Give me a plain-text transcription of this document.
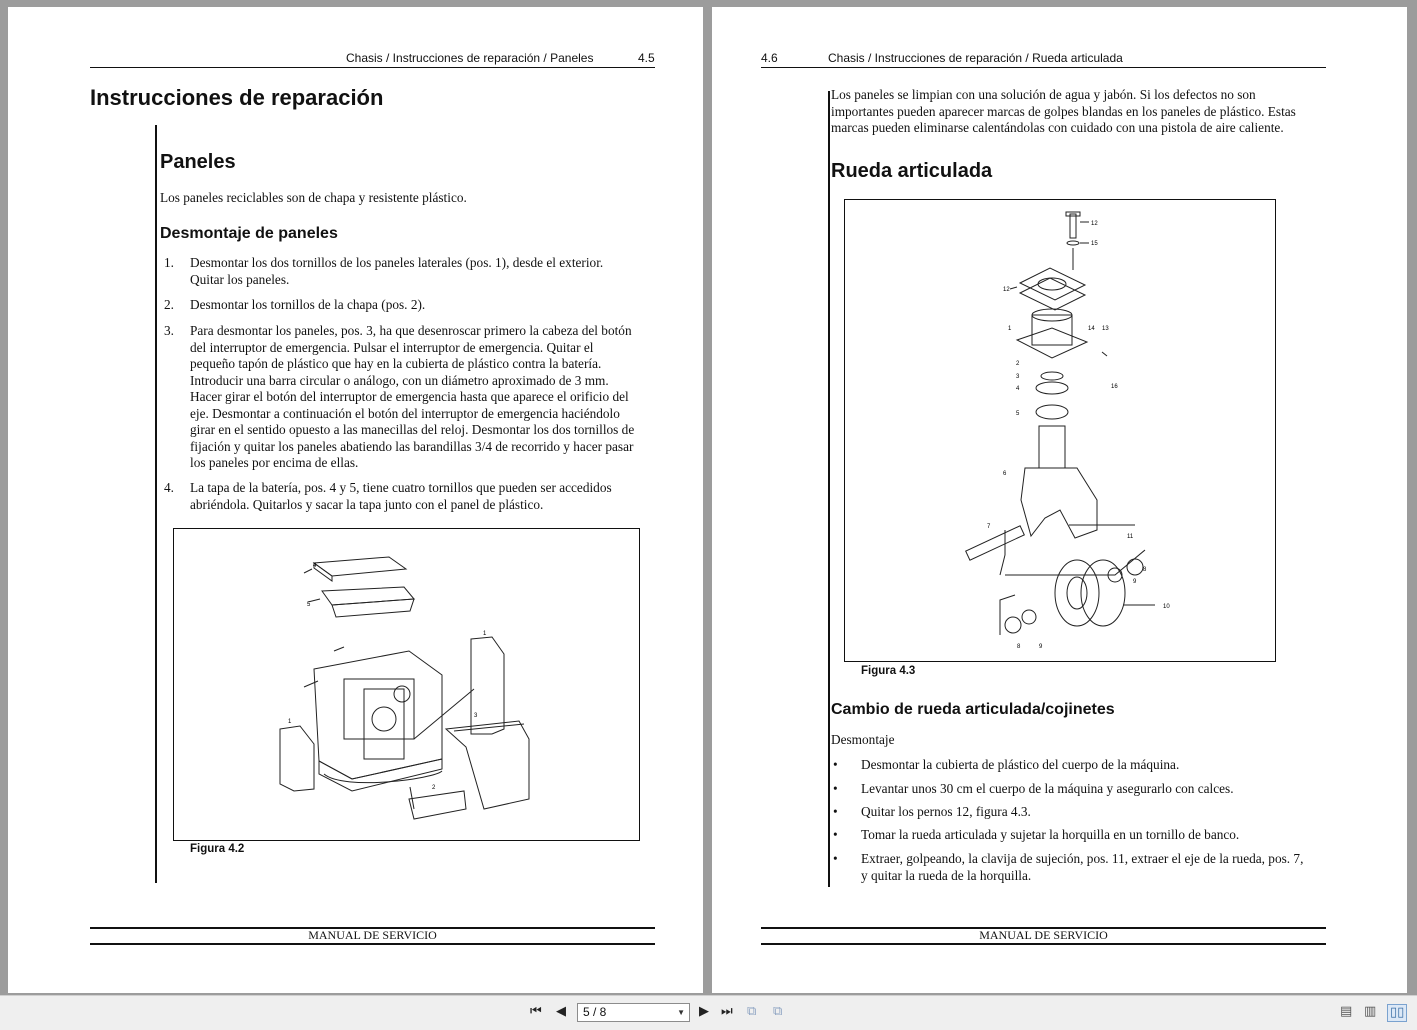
Chasis / Instrucciones de reparación / Paneles	4.5
Instrucciones de reparación
Paneles
Los paneles reciclables son de chapa y resistente plástico.
Desmontaje de paneles
1. Desmontar los dos tornillos de los paneles laterales (pos. 1), desde el exterior.
Quitar los paneles.
2. Desmontar los tornillos de la chapa (pos. 2).
3. Para desmontar los paneles, pos. 3, ha que desenroscar primero la cabeza del botón
del interruptor de emergencia. Pulsar el interruptor de emergencia. Quitar el
pequeño tapón de plástico que hay en la cubierta de plástico contra la batería.
Introducir una barra circular o análogo, con un diámetro aproximado de 3 mm.
Hacer girar el botón del interruptor de emergencia hasta que aparece el orificio del
eje. Desmontar a continuación el botón del interruptor de emergencia haciéndolo
girar en el sentido opuesto a las manecillas del reloj. Desmontar los dos tornillos de
fijación y quitar los paneles abatiendo las barandillas 3/4 de recorrido y hacer pasar
los paneles por encima de ellas.
4. La tapa de la batería, pos. 4 y 5, tiene cuatro tornillos que pueden ser accedidos
abriéndola. Quitarlos y sacar la tapa junto con el panel de plástico.
4
5
1
1
3
2
Figura 4.2
MANUAL DE SERVICIO
4.6	Chasis / Instrucciones de reparación / Rueda articulada
Los paneles se limpian con una solución de agua y jabón. Si los defectos no son
importantes pueden aparecer marcas de golpes blandas en los paneles de plástico. Estas
marcas pueden eliminarse calentándolas con cuidado con una pistola de aire caliente.
Rueda articulada
12
15
12
1	14 13
2
3
4	16
5
6
7
11
8
9
10
8	9
Figura 4.3
Cambio de rueda articulada/cojinetes
Desmontaje
• Desmontar la cubierta de plástico del cuerpo de la máquina.
• Levantar unos 30 cm el cuerpo de la máquina y asegurarlo con calces.
• Quitar los pernos 12, figura 4.3.
• Tomar la rueda articulada y sujetar la horquilla en un tornillo de banco.
• Extraer, golpeando, la clavija de sujeción, pos. 11, extraer el eje de la rueda, pos. 7,
y quitar la rueda de la horquilla.
MANUAL DE SERVICIO
⏮ ◀	5 / 8	▼ ▶ ⏭ ⧉ ⧉	▤ ▥ ▯▯
